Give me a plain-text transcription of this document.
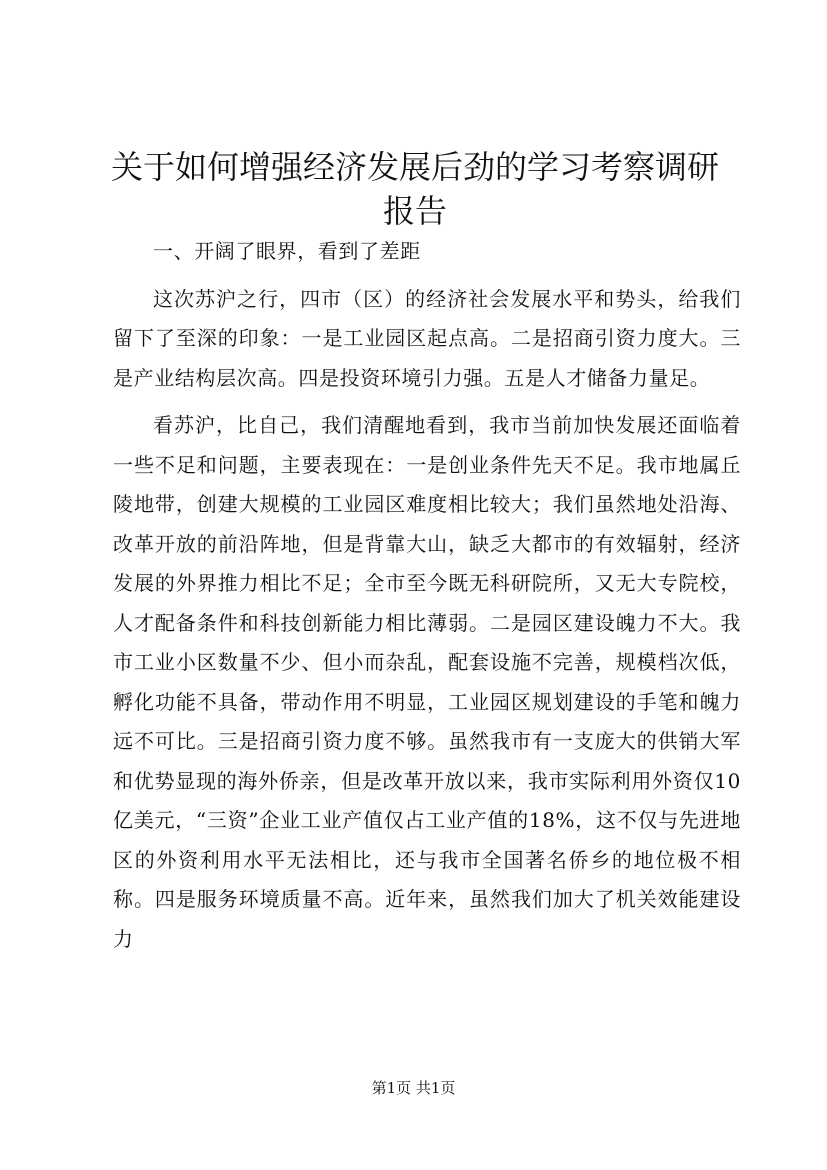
关于如何增强经济发展后劲的学习考察调研报告

一、开阔了眼界，看到了差距

这次苏沪之行，四市（区）的经济社会发展水平和势头，给我们留下了至深的印象：一是工业园区起点高。二是招商引资力度大。三是产业结构层次高。四是投资环境引力强。五是人才储备力量足。

看苏沪，比自己，我们清醒地看到，我市当前加快发展还面临着一些不足和问题，主要表现在：一是创业条件先天不足。我市地属丘陵地带，创建大规模的工业园区难度相比较大；我们虽然地处沿海、改革开放的前沿阵地，但是背靠大山，缺乏大都市的有效辐射，经济发展的外界推力相比不足；全市至今既无科研院所，又无大专院校，人才配备条件和科技创新能力相比薄弱。二是园区建设魄力不大。我市工业小区数量不少、但小而杂乱，配套设施不完善，规模档次低，孵化功能不具备，带动作用不明显，工业园区规划建设的手笔和魄力远不可比。三是招商引资力度不够。虽然我市有一支庞大的供销大军和优势显现的海外侨亲，但是改革开放以来，我市实际利用外资仅10亿美元，“三资”企业工业产值仅占工业产值的18%，这不仅与先进地区的外资利用水平无法相比，还与我市全国著名侨乡的地位极不相称。四是服务环境质量不高。近年来，虽然我们加大了机关效能建设力

第1页 共1页
